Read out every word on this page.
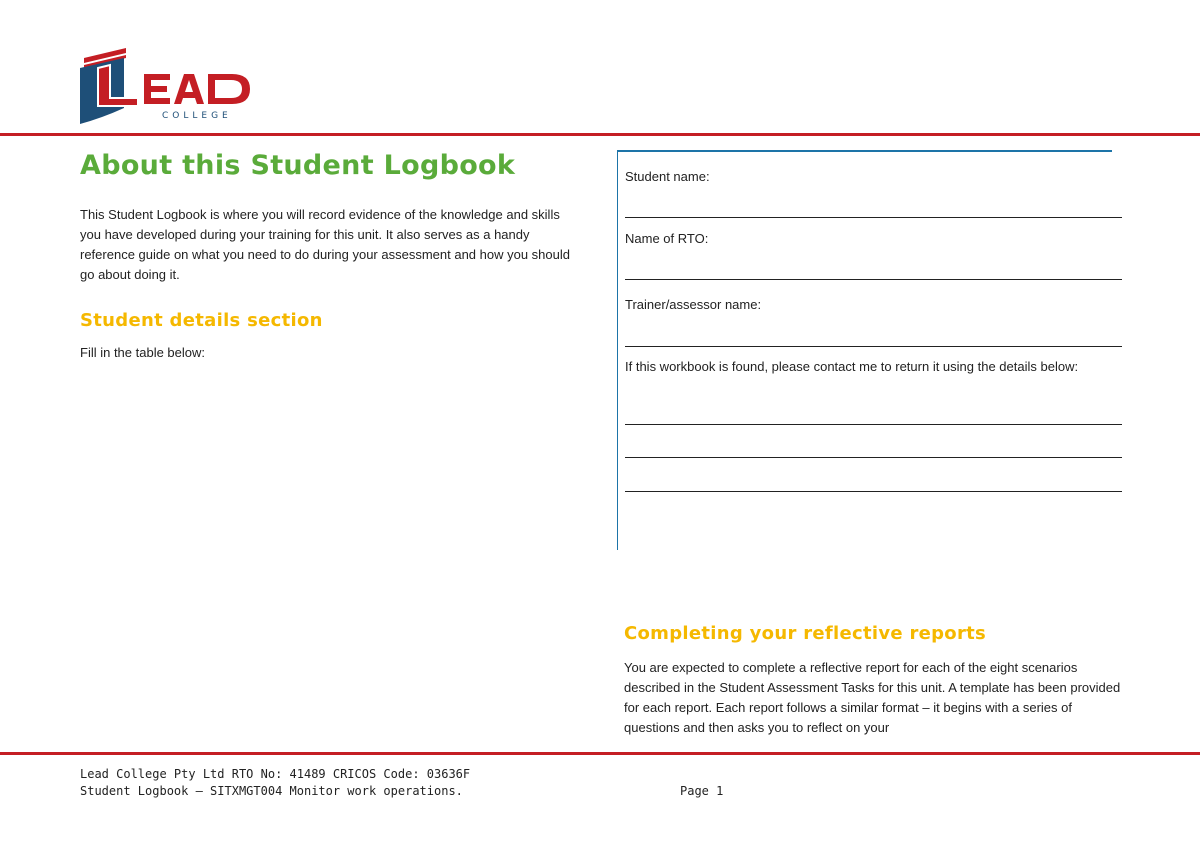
COLLEGE
About this Student Logbook

This Student Logbook is where you will record evidence of the knowledge and skills you have developed during your training for this unit. It also serves as a handy reference guide on what you need to do during your assessment and how you should go about doing it.

Student details section

Fill in the table below:

Student name:
Name of RTO:
Trainer/assessor name:
If this workbook is found, please contact me to return it using the details below:
Completing your reflective reports

You are expected to complete a reflective report for each of the eight scenarios described in the Student Assessment Tasks for this unit. A template has been provided for each report. Each report follows a similar format – it begins with a series of questions and then asks you to reflect on your

Lead College Pty Ltd RTO No: 41489 CRICOS Code: 03636F
Student Logbook – SITXMGT004 Monitor work operations.	Page 1
